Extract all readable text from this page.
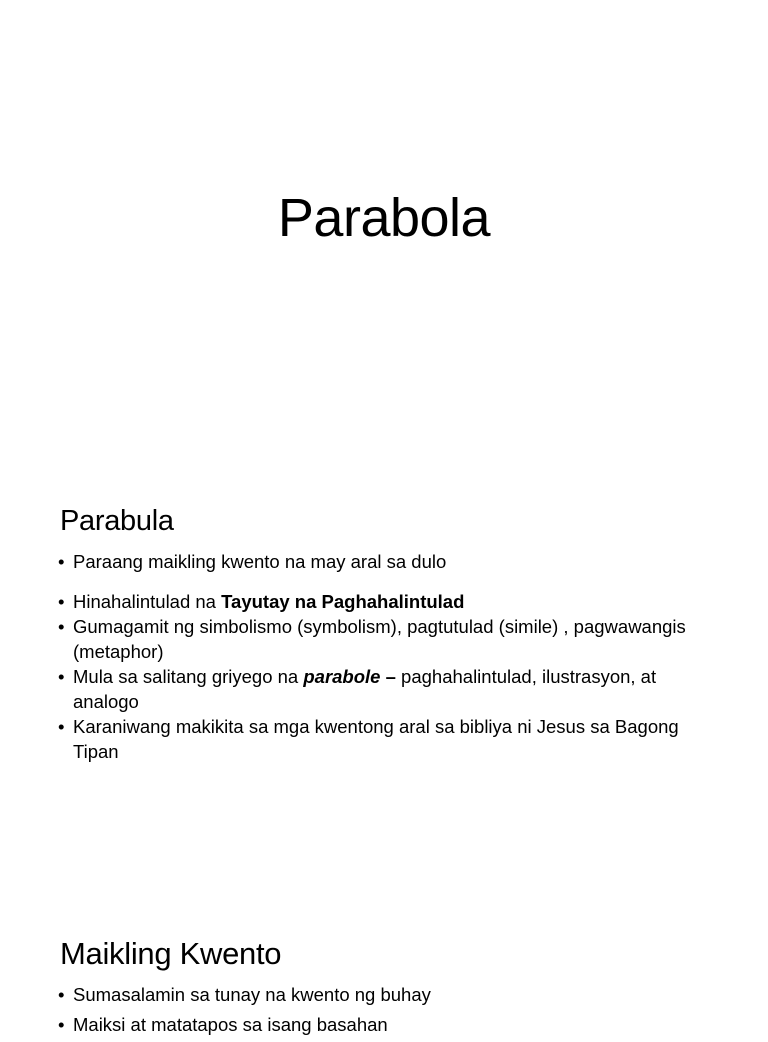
Parabola
Parabula
• Paraang maikling kwento na may aral sa dulo
• Hinahalintulad na Tayutay na Paghahalintulad
• Gumagamit ng simbolismo (symbolism), pagtutulad (simile) , pagwawangis (metaphor)
• Mula sa salitang griyego na parabole – paghahalintulad, ilustrasyon, at analogo
• Karaniwang makikita sa mga kwentong aral sa bibliya ni Jesus sa Bagong Tipan
Maikling Kwento
• Sumasalamin sa tunay na kwento ng buhay
• Maiksi at matatapos sa isang basahan
